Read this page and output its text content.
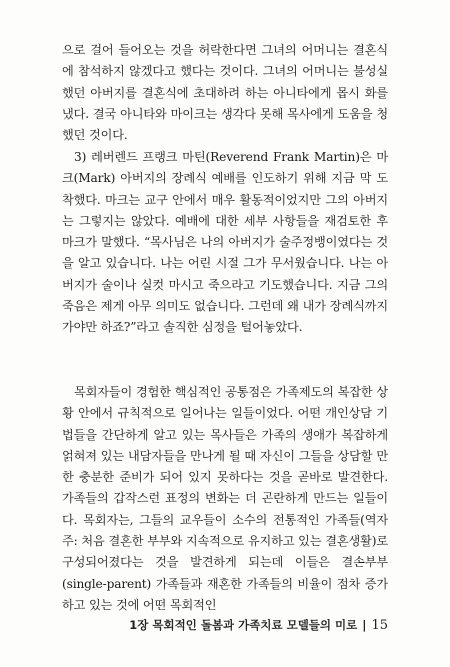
으로 걸어 들어오는 것을 허락한다면 그녀의 어머니는 결혼식에 참석하지 않겠다고 했다는 것이다. 그녀의 어머니는 불성실했던 아버지를 결혼식에 초대하려 하는 아니타에게 몹시 화를 냈다. 결국 아니타와 마이크는 생각다 못해 목사에게 도움을 청했던 것이다.

3) 레버렌드 프랭크 마틴(Reverend Frank Martin)은 마크(Mark) 아버지의 장례식 예배를 인도하기 위해 지금 막 도착했다. 마크는 교구 안에서 매우 활동적이었지만 그의 아버지는 그렇지는 않았다. 예배에 대한 세부 사항들을 재검토한 후 마크가 말했다. “목사님은 나의 아버지가 술주정뱅이였다는 것을 알고 있습니다. 나는 어린 시절 그가 무서웠습니다. 나는 아버지가 술이나 실컷 마시고 죽으라고 기도했습니다. 지금 그의 죽음은 제게 아무 의미도 없습니다. 그런데 왜 내가 장례식까지 가야만 하죠?”라고 솔직한 심정을 털어놓았다.

목회자들이 경험한 핵심적인 공통점은 가족제도의 복잡한 상황 안에서 규칙적으로 일어나는 일들이었다. 어떤 개인상담 기법들을 간단하게 알고 있는 목사들은 가족의 생애가 복잡하게 얽혀져 있는 내담자들을 만나게 될 때 자신이 그들을 상담할 만한 충분한 준비가 되어 있지 못하다는 것을 곧바로 발견한다. 가족들의 갑작스런 표정의 변화는 더 곤란하게 만드는 일들이다. 목회자는, 그들의 교우들이 소수의 전통적인 가족들(역자 주: 처음 결혼한 부부와 지속적으로 유지하고 있는 결혼생활)로 구성되어졌다는 것을 발견하게 되는데 이들은 결손부부(single-parent) 가족들과 재혼한 가족들의 비율이 점차 증가하고 있는 것에 어떤 목회적인

1장 목회적인 돌봄과 가족치료 모델들의 미로 | 15
